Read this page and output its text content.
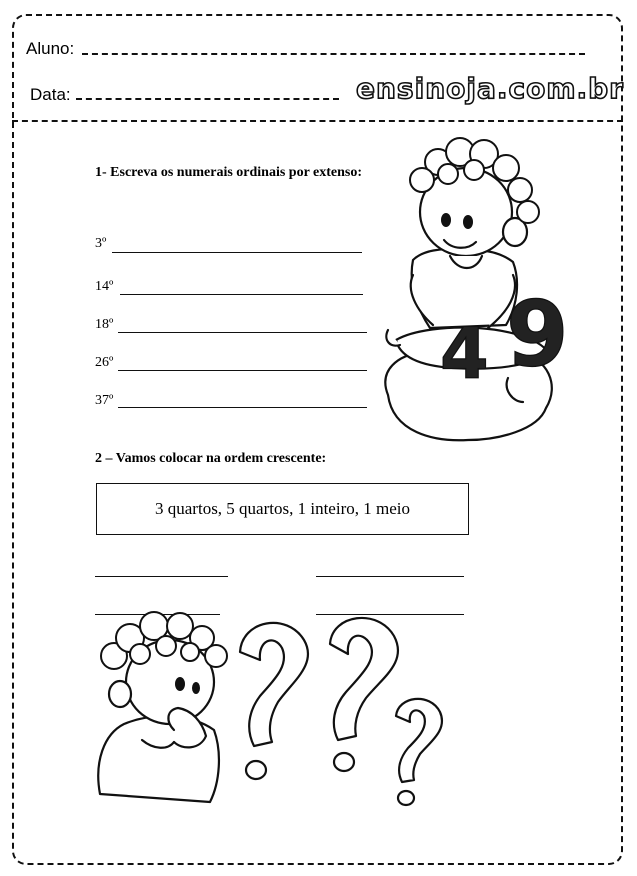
Aluno:
Data:	ensinoja.com.br
1- Escreva os numerais ordinais por extenso:
3º
14º
18º
26º
37º
2 – Vamos colocar na ordem crescente:
3 quartos, 5 quartos, 1 inteiro, 1 meio
4 9
